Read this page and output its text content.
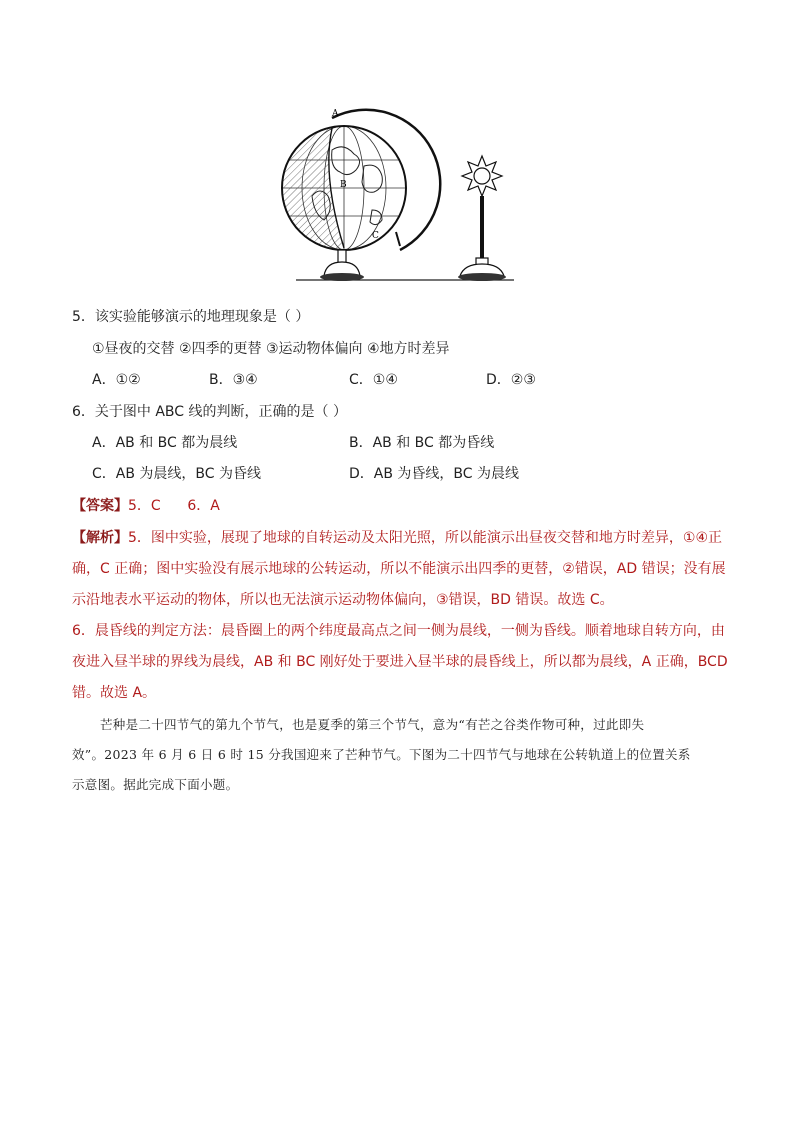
A
B
C
5．该实验能够演示的地理现象是（ ）
①昼夜的交替 ②四季的更替 ③运动物体偏向 ④地方时差异
A．①②	B．③④	C．①④	D．②③
6．关于图中 ABC 线的判断，正确的是（ ）
A．AB 和 BC 都为晨线	B．AB 和 BC 都为昏线
C．AB 为晨线，BC 为昏线	D．AB 为昏线，BC 为晨线
【答案】5．C      6．A
【解析】5．图中实验，展现了地球的自转运动及太阳光照，所以能演示出昼夜交替和地方时差异，①④正
确，C 正确；图中实验没有展示地球的公转运动，所以不能演示出四季的更替，②错误，AD 错误；没有展
示沿地表水平运动的物体，所以也无法演示运动物体偏向，③错误，BD 错误。故选 C。
6．晨昏线的判定方法：晨昏圈上的两个纬度最高点之间一侧为晨线，一侧为昏线。顺着地球自转方向，由
夜进入昼半球的界线为晨线，AB 和 BC 刚好处于要进入昼半球的晨昏线上，所以都为晨线，A 正确，BCD
错。故选 A。
芒种是二十四节气的第九个节气，也是夏季的第三个节气，意为“有芒之谷类作物可种，过此即失
效”。2023 年 6 月 6 日 6 时 15 分我国迎来了芒种节气。下图为二十四节气与地球在公转轨道上的位置关系
示意图。据此完成下面小题。
